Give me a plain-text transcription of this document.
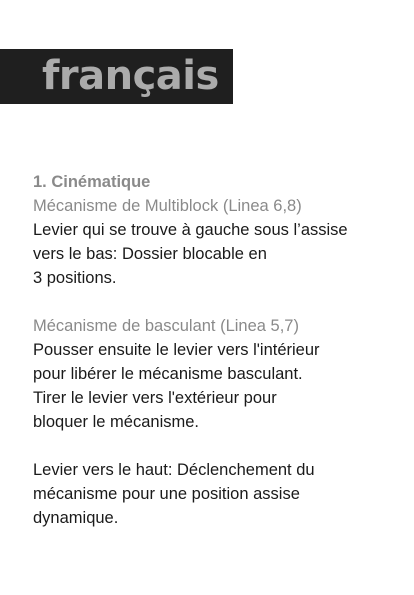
français
1. Cinématique
Mécanisme de Multiblock (Linea 6,8)

Levier qui se trouve à gauche sous l’assise
vers le bas: Dossier blocable en
3 positions.

Mécanisme de basculant (Linea 5,7)

Pousser ensuite le levier vers l'intérieur
pour libérer le mécanisme basculant.
Tirer le levier vers l'extérieur pour
bloquer le mécanisme.

Levier vers le haut: Déclenchement du
mécanisme pour une position assise
dynamique.
